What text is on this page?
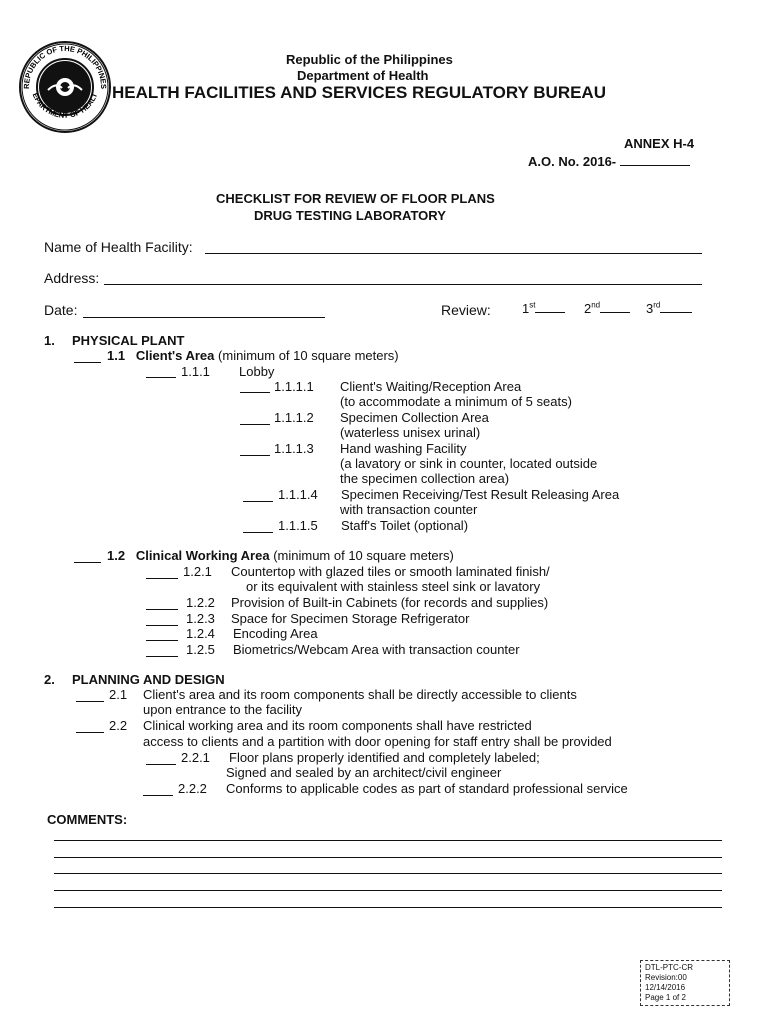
REPUBLIC OF THE PHILIPPINES
EPARTMENT OF HEALT
Republic of the Philippines
Department of Health
HEALTH FACILITIES AND SERVICES REGULATORY BUREAU
ANNEX H-4
A.O. No. 2016-
CHECKLIST FOR REVIEW OF FLOOR PLANS
DRUG TESTING LABORATORY
Name of Health Facility:
Address:
Date:	Review: 1st	2nd	3rd
1. PHYSICAL PLANT
1.1 Client's Area (minimum of 10 square meters)
1.1.1 Lobby
1.1.1.1 Client's Waiting/Reception Area
(to accommodate a minimum of 5 seats)
1.1.1.2 Specimen Collection Area
(waterless unisex urinal)
1.1.1.3 Hand washing Facility
(a lavatory or sink in counter, located outside
the specimen collection area)
1.1.1.4 Specimen Receiving/Test Result Releasing Area
with transaction counter
1.1.1.5 Staff's Toilet (optional)
1.2 Clinical Working Area (minimum of 10 square meters)
1.2.1 Countertop with glazed tiles or smooth laminated finish/
or its equivalent with stainless steel sink or lavatory
1.2.2 Provision of Built-in Cabinets (for records and supplies)
1.2.3 Space for Specimen Storage Refrigerator
1.2.4 Encoding Area
1.2.5 Biometrics/Webcam Area with transaction counter
2. PLANNING AND DESIGN
2.1 Client's area and its room components shall be directly accessible to clients
upon entrance to the facility
2.2 Clinical working area and its room components shall have restricted
access to clients and a partition with door opening for staff entry shall be provided
2.2.1 Floor plans properly identified and completely labeled;
Signed and sealed by an architect/civil engineer
2.2.2 Conforms to applicable codes as part of standard professional service
COMMENTS:
DTL-PTC-CR
Revision:00
12/14/2016
Page 1 of 2
